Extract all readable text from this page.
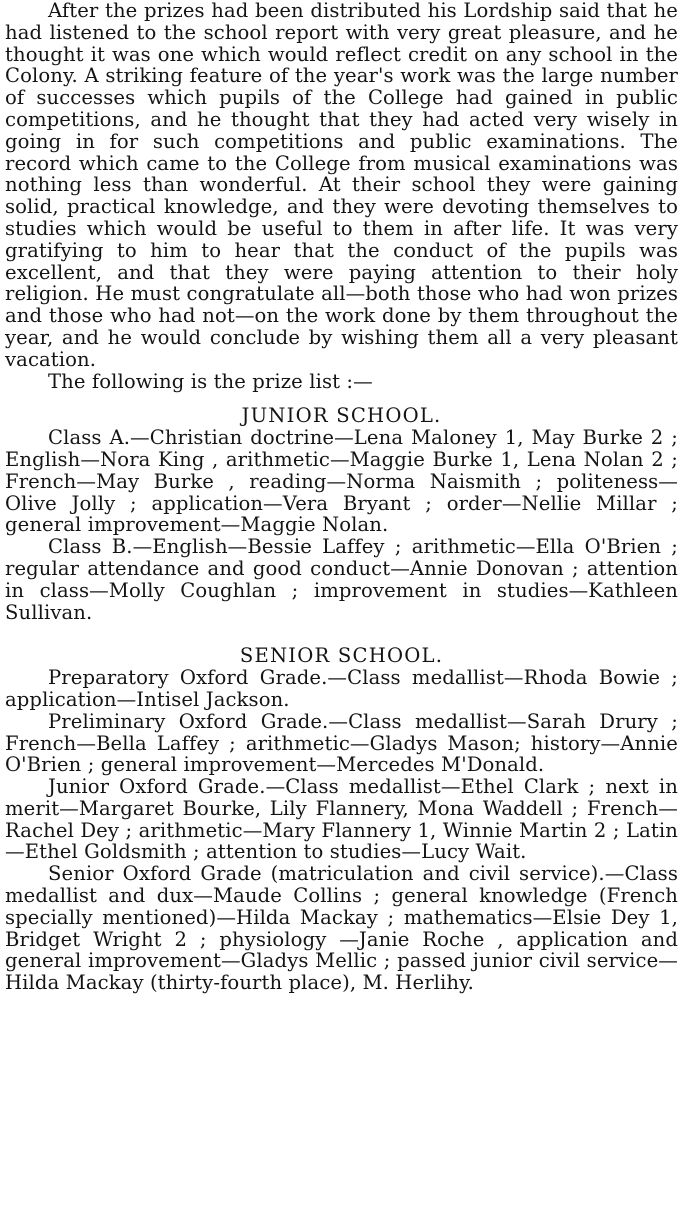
After the prizes had been distributed his Lordship said that he had listened to the school report with very great pleasure, and he thought it was one which would reflect credit on any school in the Colony. A striking feature of the year's work was the large number of successes which pupils of the College had gained in public competitions, and he thought that they had acted very wisely in going in for such competitions and public examinations. The record which came to the College from musical examinations was nothing less than wonderful. At their school they were gaining solid, practical knowledge, and they were devoting themselves to studies which would be useful to them in after life. It was very gratifying to him to hear that the conduct of the pupils was excellent, and that they were paying attention to their holy religion. He must congratulate all—both those who had won prizes and those who had not—on the work done by them throughout the year, and he would conclude by wishing them all a very pleasant vacation.

The following is the prize list :—

JUNIOR SCHOOL.

Class A.—Christian doctrine—Lena Maloney 1, May Burke 2 ; English—Nora King , arithmetic—Maggie Burke 1, Lena Nolan 2 ; French—May Burke , reading—Norma Naismith ; politeness—Olive Jolly ; application—Vera Bryant ; order—Nellie Millar ; general improvement—Maggie Nolan.

Class B.—English—Bessie Laffey ; arithmetic—Ella O'Brien ; regular attendance and good conduct—Annie Donovan ; attention in class—Molly Coughlan ; improvement in studies—Kathleen Sullivan.

SENIOR SCHOOL.

Preparatory Oxford Grade.—Class medallist—Rhoda Bowie ; application—Intisel Jackson.

Preliminary Oxford Grade.—Class medallist—Sarah Drury ; French—Bella Laffey ; arithmetic—Gladys Mason; history—Annie O'Brien ; general improvement—Mercedes M'Donald.

Junior Oxford Grade.—Class medallist—Ethel Clark ; next in merit—Margaret Bourke, Lily Flannery, Mona Waddell ; French—Rachel Dey ; arithmetic—Mary Flannery 1, Winnie Martin 2 ; Latin—Ethel Goldsmith ; attention to studies—Lucy Wait.

Senior Oxford Grade (matriculation and civil service).—Class medallist and dux—Maude Collins ; general knowledge (French specially mentioned)—Hilda Mackay ; mathematics—Elsie Dey 1, Bridget Wright 2 ; physiology —Janie Roche , application and general improvement—Gladys Mellic ; passed junior civil service—Hilda Mackay (thirty-fourth place), M. Herlihy.
